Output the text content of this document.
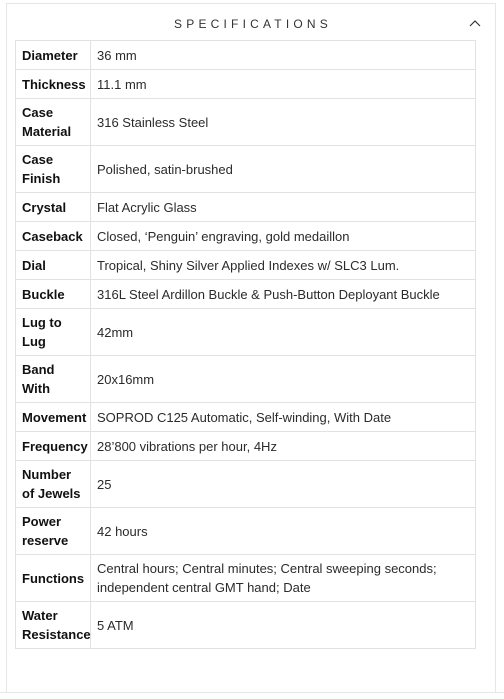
SPECIFICATIONS
Diameter	36 mm
Thickness	11.1 mm
Case Material	316 Stainless Steel
Case Finish	Polished, satin-brushed
Crystal	Flat Acrylic Glass
Caseback	Closed, ‘Penguin’ engraving, gold medaillon
Dial	Tropical, Shiny Silver Applied Indexes w/ SLC3 Lum.
Buckle	316L Steel Ardillon Buckle & Push-Button Deployant Buckle
Lug to Lug	42mm
Band With	20x16mm
Movement	SOPROD C125 Automatic, Self-winding, With Date
Frequency	28’800 vibrations per hour, 4Hz
Number of Jewels	25
Power reserve	42 hours
Functions	Central hours; Central minutes; Central sweeping seconds; independent central GMT hand; Date
Water Resistance	5 ATM
